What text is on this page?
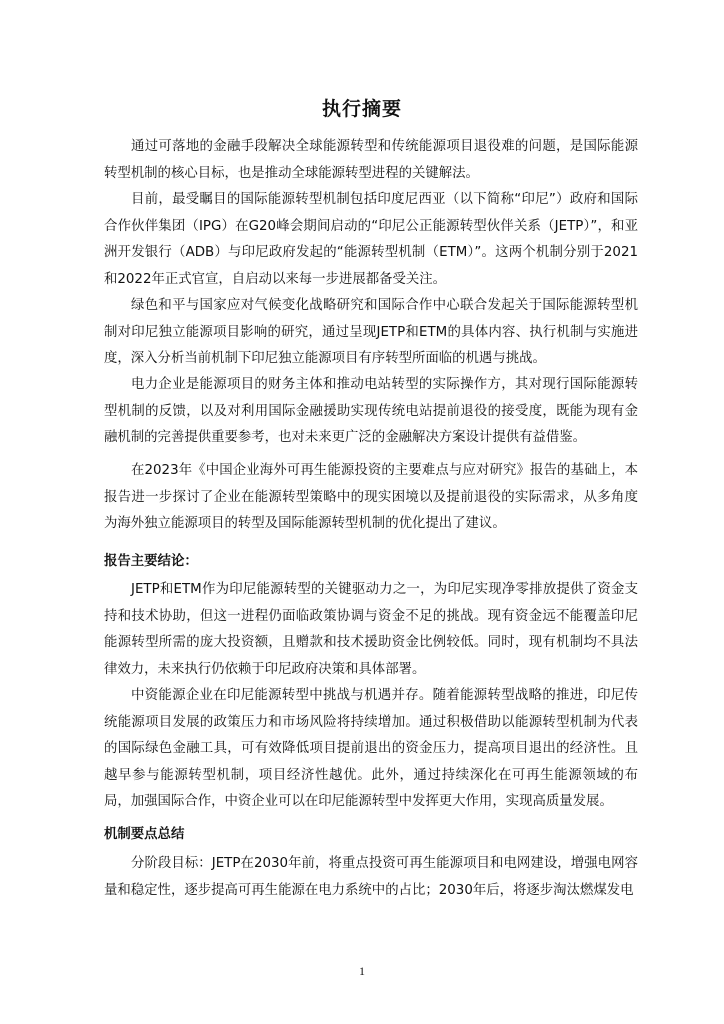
执行摘要

通过可落地的金融手段解决全球能源转型和传统能源项目退役难的问题，是国际能源转型机制的核心目标，也是推动全球能源转型进程的关键解法。

目前，最受瞩目的国际能源转型机制包括印度尼西亚（以下简称“印尼”）政府和国际合作伙伴集团（IPG）在G20峰会期间启动的“印尼公正能源转型伙伴关系（JETP）”，和亚洲开发银行（ADB）与印尼政府发起的“能源转型机制（ETM）”。这两个机制分别于2021和2022年正式官宣，自启动以来每一步进展都备受关注。

绿色和平与国家应对气候变化战略研究和国际合作中心联合发起关于国际能源转型机制对印尼独立能源项目影响的研究，通过呈现JETP和ETM的具体内容、执行机制与实施进度，深入分析当前机制下印尼独立能源项目有序转型所面临的机遇与挑战。

电力企业是能源项目的财务主体和推动电站转型的实际操作方，其对现行国际能源转型机制的反馈，以及对利用国际金融援助实现传统电站提前退役的接受度，既能为现有金融机制的完善提供重要参考，也对未来更广泛的金融解决方案设计提供有益借鉴。

在2023年《中国企业海外可再生能源投资的主要难点与应对研究》报告的基础上，本报告进一步探讨了企业在能源转型策略中的现实困境以及提前退役的实际需求，从多角度为海外独立能源项目的转型及国际能源转型机制的优化提出了建议。

报告主要结论：

JETP和ETM作为印尼能源转型的关键驱动力之一，为印尼实现净零排放提供了资金支持和技术协助，但这一进程仍面临政策协调与资金不足的挑战。现有资金远不能覆盖印尼能源转型所需的庞大投资额，且赠款和技术援助资金比例较低。同时，现有机制均不具法律效力，未来执行仍依赖于印尼政府决策和具体部署。

中资能源企业在印尼能源转型中挑战与机遇并存。随着能源转型战略的推进，印尼传统能源项目发展的政策压力和市场风险将持续增加。通过积极借助以能源转型机制为代表的国际绿色金融工具，可有效降低项目提前退出的资金压力，提高项目退出的经济性。且越早参与能源转型机制，项目经济性越优。此外，通过持续深化在可再生能源领域的布局，加强国际合作，中资企业可以在印尼能源转型中发挥更大作用，实现高质量发展。

机制要点总结

分阶段目标：JETP在2030年前，将重点投资可再生能源项目和电网建设，增强电网容量和稳定性，逐步提高可再生能源在电力系统中的占比；2030年后，将逐步淘汰燃煤发电

1
